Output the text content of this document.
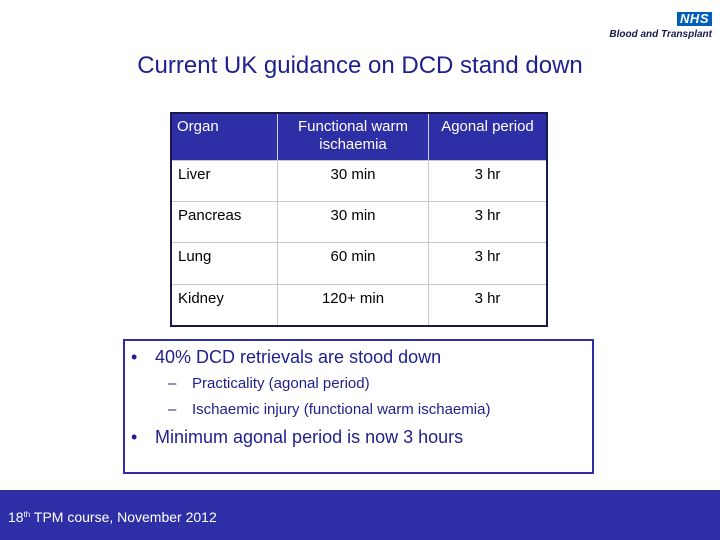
NHS
Blood and Transplant
Current UK guidance on DCD stand down
Organ	Functional warm ischaemia	Agonal period
Liver	30 min	3 hr
Pancreas	30 min	3 hr
Lung	60 min	3 hr
Kidney	120+ min	3 hr
• 40% DCD retrievals are stood down
– Practicality (agonal period)
– Ischaemic injury (functional warm ischaemia)
• Minimum agonal period is now 3 hours
18th TPM course, November 2012
